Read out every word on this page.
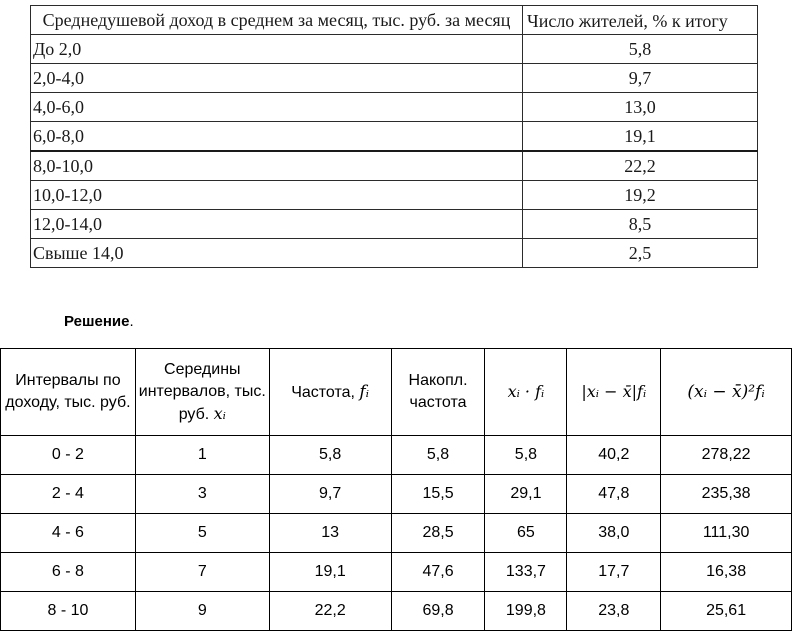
Среднедушевой доход в среднем за месяц, тыс. руб. за месяц	Число жителей, % к итогу
До 2,0	5,8
2,0-4,0	9,7
4,0-6,0	13,0
6,0-8,0	19,1
8,0-10,0	22,2
10,0-12,0	19,2
12,0-14,0	8,5
Свыше 14,0	2,5
Решение.
Интервалы по доходу, тыс. руб.	Середины интервалов, тыс. руб. xᵢ	Частота, fᵢ	Накопл. частота	xᵢ · fᵢ	|xᵢ − x̄|fᵢ	(xᵢ − x̄)²fᵢ
0 - 2	1	5,8	5,8	5,8	40,2	278,22
2 - 4	3	9,7	15,5	29,1	47,8	235,38
4 - 6	5	13	28,5	65	38,0	111,30
6 - 8	7	19,1	47,6	133,7	17,7	16,38
8 - 10	9	22,2	69,8	199,8	23,8	25,61
